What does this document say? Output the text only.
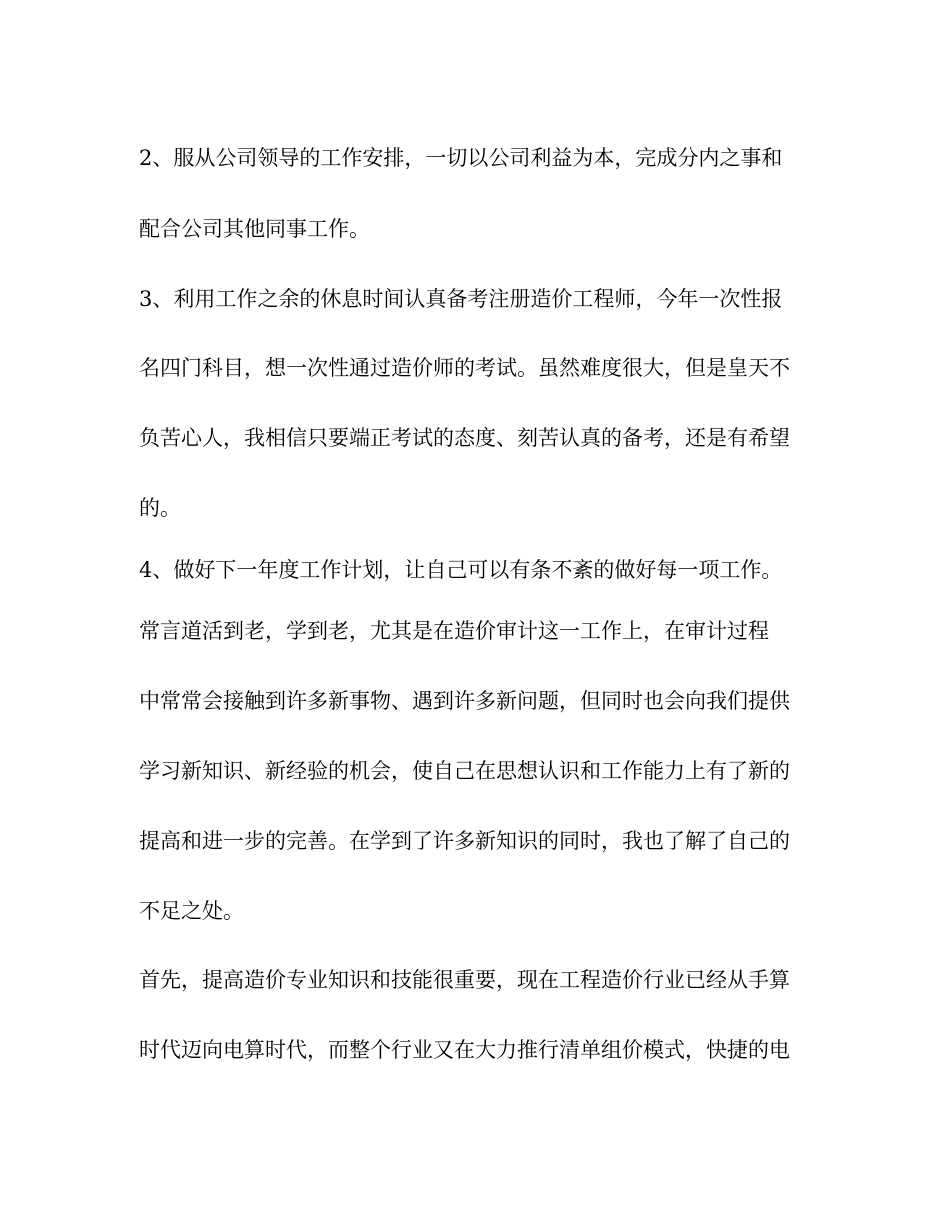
2、服从公司领导的工作安排，一切以公司利益为本，完成分内之事和
配合公司其他同事工作。
3、利用工作之余的休息时间认真备考注册造价工程师，今年一次性报
名四门科目，想一次性通过造价师的考试。虽然难度很大，但是皇天不
负苦心人，我相信只要端正考试的态度、刻苦认真的备考，还是有希望
的。
4、做好下一年度工作计划，让自己可以有条不紊的做好每一项工作。
常言道活到老，学到老，尤其是在造价审计这一工作上，在审计过程
中常常会接触到许多新事物、遇到许多新问题，但同时也会向我们提供
学习新知识、新经验的机会，使自己在思想认识和工作能力上有了新的
提高和进一步的完善。在学到了许多新知识的同时，我也了解了自己的
不足之处。
首先，提高造价专业知识和技能很重要，现在工程造价行业已经从手算
时代迈向电算时代，而整个行业又在大力推行清单组价模式，快捷的电
